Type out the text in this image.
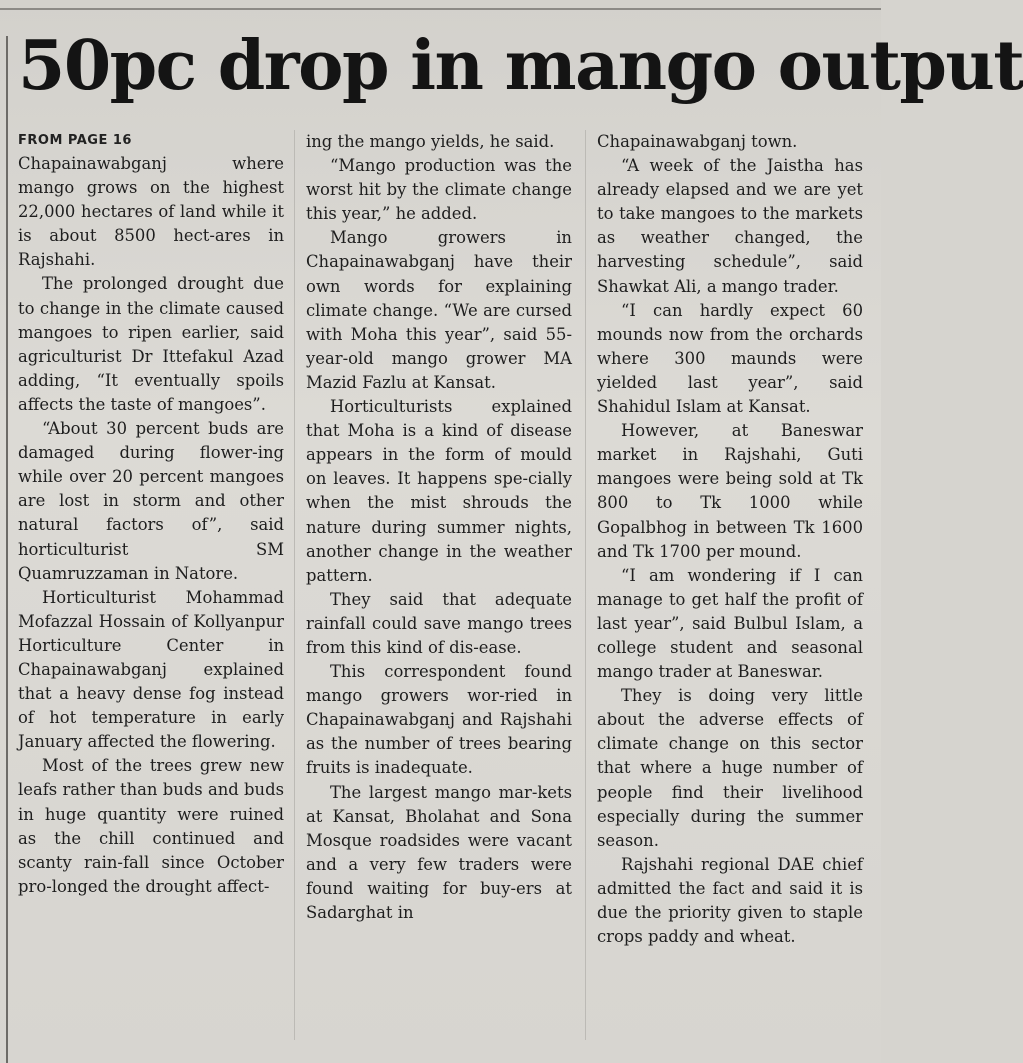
50pc drop in mango output
FROM PAGE 16

Chapainawabganj where mango grows on the highest 22,000 hectares of land while it is about 8500 hect-ares in Rajshahi.

The prolonged drought due to change in the climate caused mangoes to ripen earlier, said agriculturist Dr Ittefakul Azad adding, “It eventually spoils affects the taste of mangoes”.

“About 30 percent buds are damaged during flower-ing while over 20 percent mangoes are lost in storm and other natural factors of”, said horticulturist SM Quamruzzaman in Natore.

Horticulturist Mohammad Mofazzal Hossain of Kollyanpur Horticulture Center in Chapainawabganj explained that a heavy dense fog instead of hot temperature in early January affected the flowering.

Most of the trees grew new leafs rather than buds and buds in huge quantity were ruined as the chill continued and scanty rain-fall since October pro-longed the drought affect-

ing the mango yields, he said.

“Mango production was the worst hit by the climate change this year,” he added.

Mango growers in Chapainawabganj have their own words for explaining climate change. “We are cursed with Moha this year”, said 55-year-old mango grower MA Mazid Fazlu at Kansat.

Horticulturists explained that Moha is a kind of disease appears in the form of mould on leaves. It happens spe-cially when the mist shrouds the nature during summer nights, another change in the weather pattern.

They said that adequate rainfall could save mango trees from this kind of dis-ease.

This correspondent found mango growers wor-ried in Chapainawabganj and Rajshahi as the number of trees bearing fruits is inadequate.

The largest mango mar-kets at Kansat, Bholahat and Sona Mosque roadsides were vacant and a very few traders were found waiting for buy-ers at Sadarghat in

Chapainawabganj town.

“A week of the Jaistha has already elapsed and we are yet to take mangoes to the markets as weather changed, the harvesting schedule”, said Shawkat Ali, a mango trader.

“I can hardly expect 60 mounds now from the orchards where 300 maunds were yielded last year”, said Shahidul Islam at Kansat.

However, at Baneswar market in Rajshahi, Guti mangoes were being sold at Tk 800 to Tk 1000 while Gopalbhog in between Tk 1600 and Tk 1700 per mound.

“I am wondering if I can manage to get half the profit of last year”, said Bulbul Islam, a college student and seasonal mango trader at Baneswar.

They is doing very little about the adverse effects of climate change on this sector that where a huge number of people find their livelihood especially during the summer season.

Rajshahi regional DAE chief admitted the fact and said it is due the priority given to staple crops paddy and wheat.
